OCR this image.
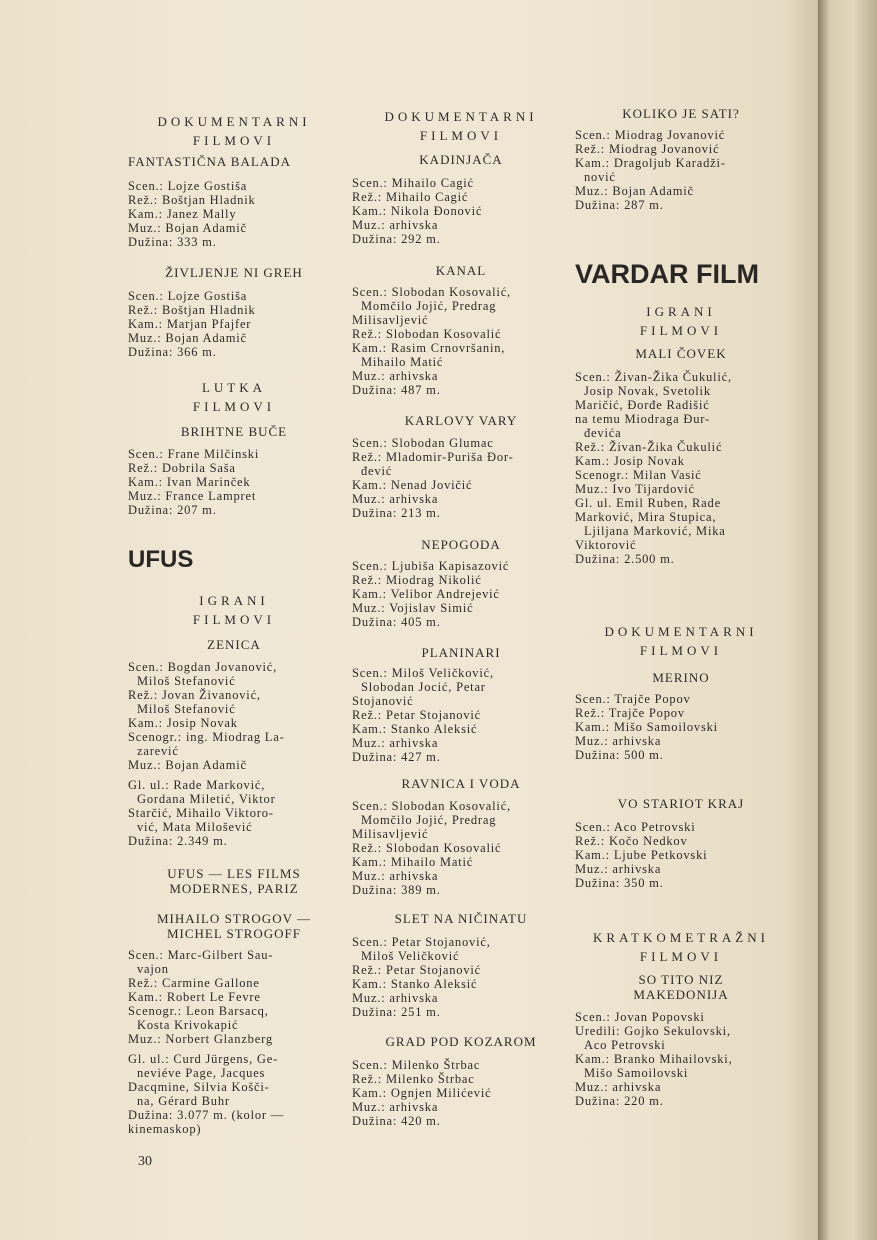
DOKUMENTARNI
FILMOVI
FANTASTIČNA BALADA
Scen.: Lojze Gostiša
Rež.: Boštjan Hladnik
Kam.: Janez Mally
Muz.: Bojan Adamič
Dužina: 333 m.
ŽIVLJENJE NI GREH
Scen.: Lojze Gostiša
Rež.: Boštjan Hladnik
Kam.: Marjan Pfajfer
Muz.: Bojan Adamič
Dužina: 366 m.
LUTKA
FILMOVI
BRIHTNE BUČE
Scen.: Frane Milčinski
Rež.: Dobrila Saša
Kam.: Ivan Marinček
Muz.: France Lampret
Dužina: 207 m.
UFUS
IGRANI
FILMOVI
ZENICA
Scen.: Bogdan Jovanović,
Miloš Stefanović
Rež.: Jovan Živanović,
Miloš Stefanović
Kam.: Josip Novak
Scenogr.: ing. Miodrag La-
zarević
Muz.: Bojan Adamič
Gl. ul.: Rade Marković,
Gordana Miletić, Viktor
Starčić, Mihailo Viktoro-
vić, Mata Milošević
Dužina: 2.349 m.
UFUS — LES FILMS
MODERNES, PARIZ
MIHAILO STROGOV —
MICHEL STROGOFF
Scen.: Marc-Gilbert Sau-
vajon
Rež.: Carmine Gallone
Kam.: Robert Le Fevre
Scenogr.: Leon Barsacq,
Kosta Krivokapić
Muz.: Norbert Glanzberg
Gl. ul.: Curd Jürgens, Ge-
neviéve Page, Jacques
Dacqmine, Silvia Košči-
na, Gérard Buhr
Dužina: 3.077 m. (kolor —
kinemaskop)
DOKUMENTARNI
FILMOVI
KADINJAČA
Scen.: Mihailo Cagić
Rež.: Mihailo Cagić
Kam.: Nikola Đonović
Muz.: arhivska
Dužina: 292 m.
KANAL
Scen.: Slobodan Kosovalić,
Momčilo Jojić, Predrag
Milisavljević
Rež.: Slobodan Kosovalić
Kam.: Rasim Crnovršanin,
Mihailo Matić
Muz.: arhivska
Dužina: 487 m.
KARLOVY VARY
Scen.: Slobodan Glumac
Rež.: Mladomir-Puriša Đor-
đević
Kam.: Nenad Jovičić
Muz.: arhivska
Dužina: 213 m.
NEPOGODA
Scen.: Ljubiša Kapisazović
Rež.: Miodrag Nikolić
Kam.: Velibor Andrejević
Muz.: Vojislav Simić
Dužina: 405 m.
PLANINARI
Scen.: Miloš Veličković,
Slobodan Jocić, Petar
Stojanović
Rež.: Petar Stojanović
Kam.: Stanko Aleksić
Muz.: arhivska
Dužina: 427 m.
RAVNICA I VODA
Scen.: Slobodan Kosovalić,
Momčilo Jojić, Predrag
Milisavljević
Rež.: Slobodan Kosovalić
Kam.: Mihailo Matić
Muz.: arhivska
Dužina: 389 m.
SLET NA NIČINATU
Scen.: Petar Stojanović,
Miloš Veličković
Rež.: Petar Stojanović
Kam.: Stanko Aleksić
Muz.: arhivska
Dužina: 251 m.
GRAD POD KOZAROM
Scen.: Milenko Štrbac
Rež.: Milenko Štrbac
Kam.: Ognjen Milićević
Muz.: arhivska
Dužina: 420 m.
KOLIKO JE SATI?
Scen.: Miodrag Jovanović
Rež.: Miodrag Jovanović
Kam.: Dragoljub Karadži-
nović
Muz.: Bojan Adamič
Dužina: 287 m.
VARDAR FILM
IGRANI
FILMOVI
MALI ČOVEK
Scen.: Živan-Žika Čukulić,
Josip Novak, Svetolik
Maričić, Đorđe Radišić
na temu Miodraga Đur-
đevića
Rež.: Živan-Žika Čukulić
Kam.: Josip Novak
Scenogr.: Milan Vasić
Muz.: Ivo Tijardović
Gl. ul. Emil Ruben, Rade
Marković, Mira Stupica,
Ljiljana Marković, Mika
Viktorović
Dužina: 2.500 m.
DOKUMENTARNI
FILMOVI
MERINO
Scen.: Trajče Popov
Rež.: Trajče Popov
Kam.: Mišo Samoilovski
Muz.: arhivska
Dužina: 500 m.
VO STARIOT KRAJ
Scen.: Aco Petrovski
Rež.: Kočo Nedkov
Kam.: Ljube Petkovski
Muz.: arhivska
Dužina: 350 m.
KRATKOMETRAŽNI
FILMOVI
SO TITO NIZ
MAKEDONIJA
Scen.: Jovan Popovski
Uredili: Gojko Sekulovski,
Aco Petrovski
Kam.: Branko Mihailovski,
Mišo Samoilovski
Muz.: arhivska
Dužina: 220 m.
30
